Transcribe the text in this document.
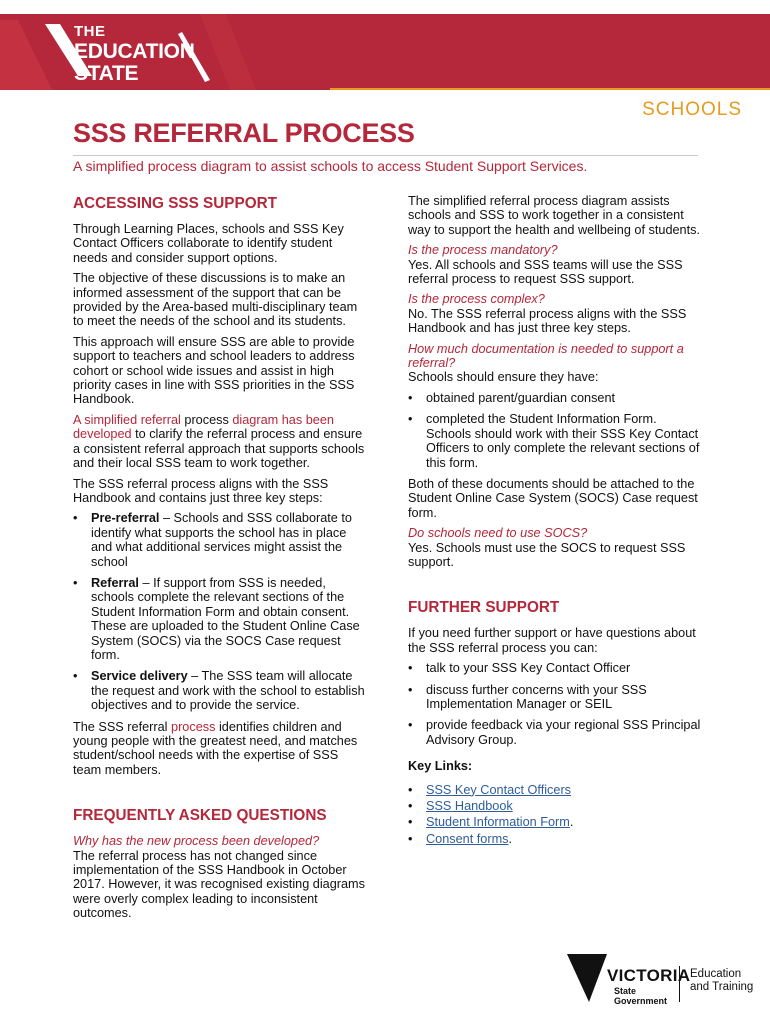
THE
EDUCATION
STATE
SCHOOLS
SSS REFERRAL PROCESS

A simplified process diagram to assist schools to access Student Support Services.

ACCESSING SSS SUPPORT

Through Learning Places, schools and SSS Key Contact Officers collaborate to identify student needs and consider support options.

The objective of these discussions is to make an informed assessment of the support that can be provided by the Area-based multi-disciplinary team to meet the needs of the school and its students.

This approach will ensure SSS are able to provide support to teachers and school leaders to address cohort or school wide issues and assist in high priority cases in line with SSS priorities in the SSS Handbook.

A simplified referral process diagram has been developed to clarify the referral process and ensure a consistent referral approach that supports schools and their local SSS team to work together.

The SSS referral process aligns with the SSS Handbook and contains just three key steps:

• Pre-referral – Schools and SSS collaborate to identify what supports the school has in place and what additional services might assist the school
• Referral – If support from SSS is needed, schools complete the relevant sections of the Student Information Form and obtain consent. These are uploaded to the Student Online Case System (SOCS) via the SOCS Case request form.
• Service delivery – The SSS team will allocate the request and work with the school to establish objectives and to provide the service.

The SSS referral process identifies children and young people with the greatest need, and matches student/school needs with the expertise of SSS team members.

FREQUENTLY ASKED QUESTIONS

Why has the new process been developed?

The referral process has not changed since implementation of the SSS Handbook in October 2017. However, it was recognised existing diagrams were overly complex leading to inconsistent outcomes.

The simplified referral process diagram assists schools and SSS to work together in a consistent way to support the health and wellbeing of students.

Is the process mandatory?

Yes. All schools and SSS teams will use the SSS referral process to request SSS support.

Is the process complex?

No. The SSS referral process aligns with the SSS Handbook and has just three key steps.

How much documentation is needed to support a referral?

Schools should ensure they have:

• obtained parent/guardian consent
• completed the Student Information Form. Schools should work with their SSS Key Contact Officers to only complete the relevant sections of this form.

Both of these documents should be attached to the Student Online Case System (SOCS) Case request form.

Do schools need to use SOCS?

Yes. Schools must use the SOCS to request SSS support.

FURTHER SUPPORT

If you need further support or have questions about the SSS referral process you can:

• talk to your SSS Key Contact Officer
• discuss further concerns with your SSS Implementation Manager or SEIL
• provide feedback via your regional SSS Principal Advisory Group.

Key Links:

• SSS Key Contact Officers
• SSS Handbook
• Student Information Form.
• Consent forms.
VICTORIA
State
Government
Education
and Training
